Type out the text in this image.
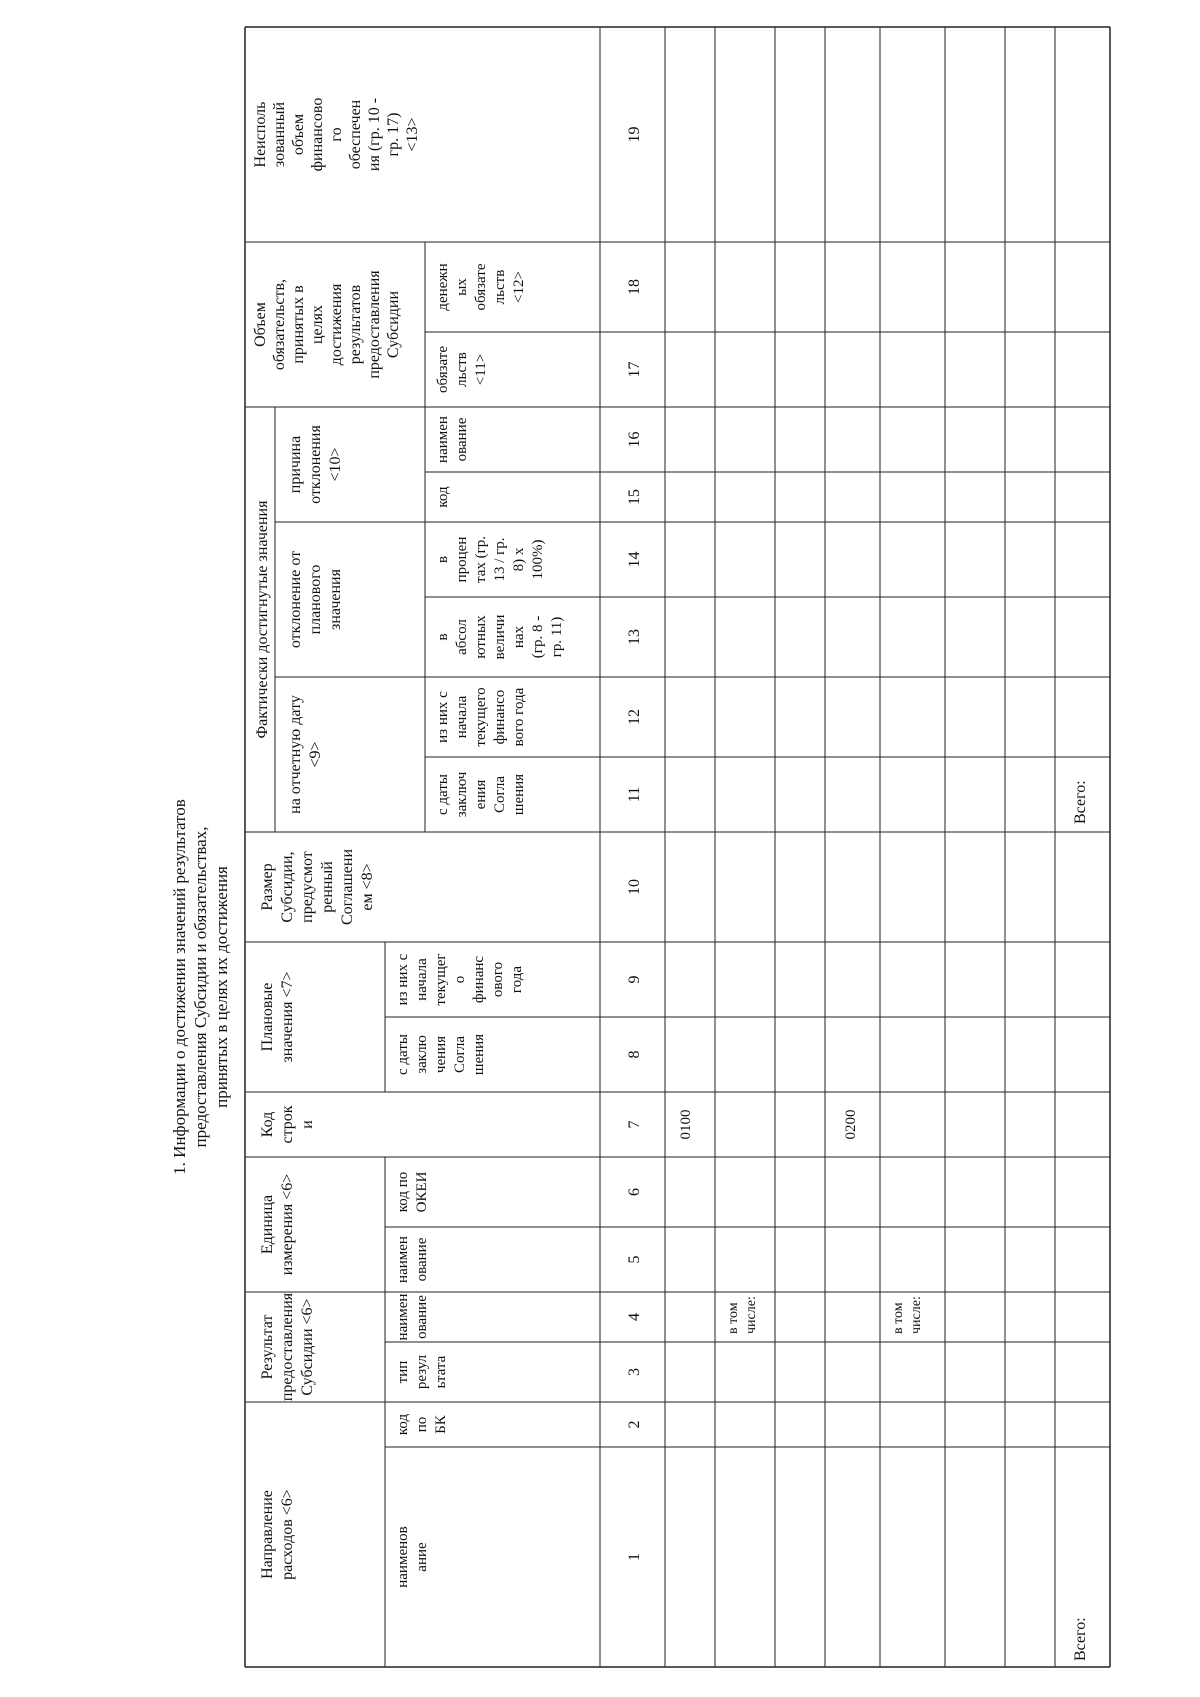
1. Информации о достижении значений результатов предоставления Субсидии и обязательствах, принятых в целях их достижения
Направление расходов <6>
Результат предоставления Субсидии <6>
Единица измерения <6>
Код строк и
Плановые значения <7>
Размер Субсидии, предусмот ренный Соглашени ем <8>
Фактически достигнутые значения
на отчетную дату <9>
отклонение от планового значения
причина отклонения <10>
Объем обязательств, принятых в целях достижения результатов предоставления Субсидии
Неисполь зованный объем финансово го обеспечен ия (гр. 10 - гр. 17) <13>
наименов ание
код по БК
тип резул ьтата
наимен ование
наимен ование
код по ОКЕИ
с даты заклю чения Согла шения
из них с начала текущег о финанс ового года
с даты заключ ения Согла шения
из них с начала текущего финансо вого года
в абсол ютных величи нах (гр. 8 - гр. 11)
в процен тах (гр. 13 / гр. 8) х 100%)
код
наимен ование
обязате льств <11>
денежн ых обязате льств <12>
1
2
3
4
5
6
7
8
9
10
11
12
13
14
15
16
17
18
19
0100	0200
в том числе:	в том числе:
Всего:
Всего:
